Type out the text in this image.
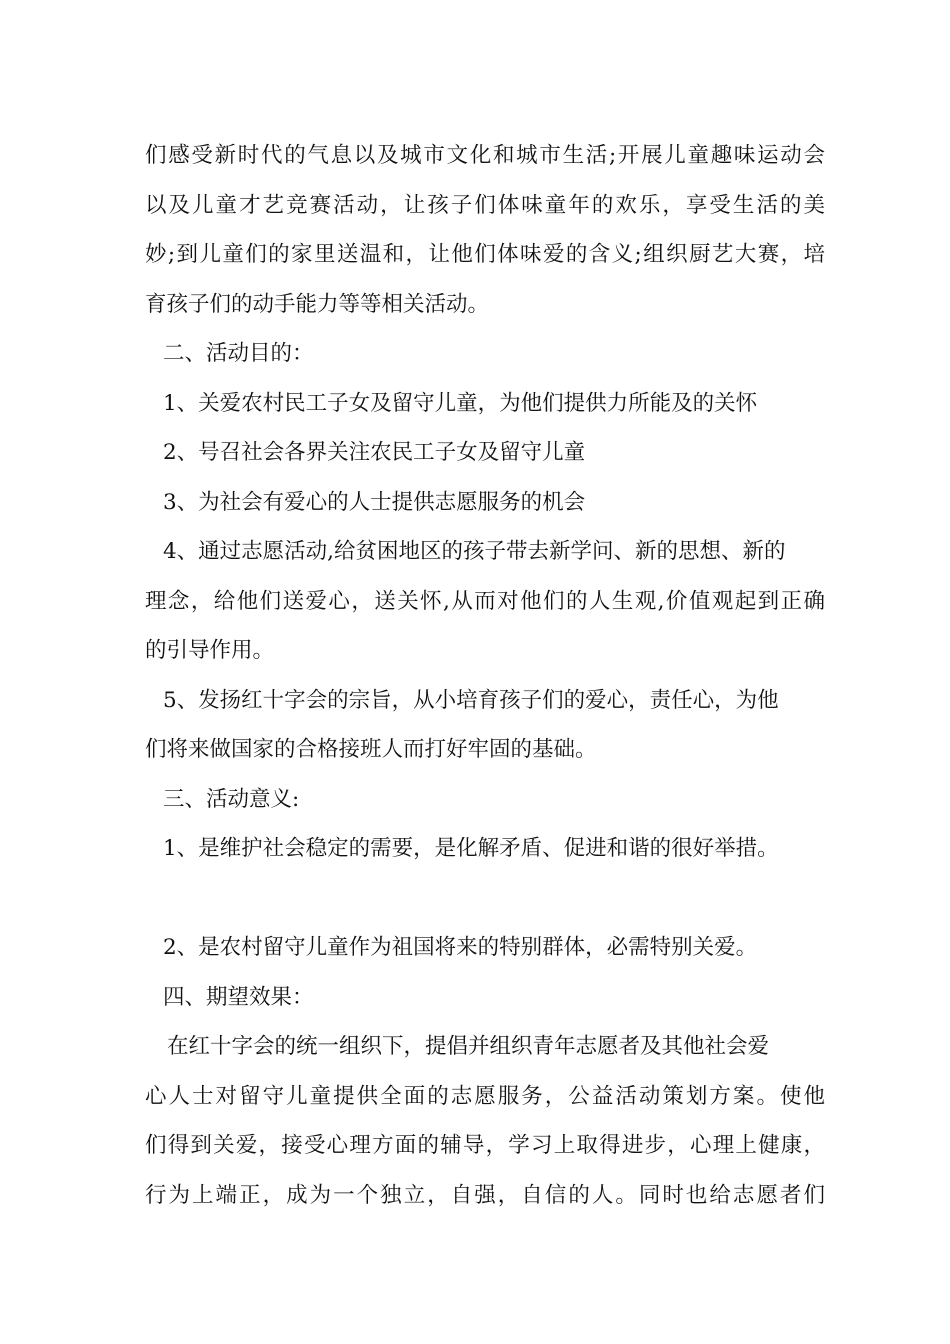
们感受新时代的气息以及城市文化和城市生活;开展儿童趣味运动会
以及儿童才艺竞赛活动，让孩子们体味童年的欢乐，享受生活的美
妙;到儿童们的家里送温和，让他们体味爱的含义;组织厨艺大赛，培
育孩子们的动手能力等等相关活动。
二、活动目的：
1、关爱农村民工子女及留守儿童，为他们提供力所能及的关怀
2、号召社会各界关注农民工子女及留守儿童
3、为社会有爱心的人士提供志愿服务的机会
4、通过志愿活动,给贫困地区的孩子带去新学问、新的思想、新的
理念，给他们送爱心，送关怀,从而对他们的人生观,价值观起到正确
的引导作用。
5、发扬红十字会的宗旨，从小培育孩子们的爱心，责任心，为他
们将来做国家的合格接班人而打好牢固的基础。
三、活动意义:
1、是维护社会稳定的需要，是化解矛盾、促进和谐的很好举措。
2、是农村留守儿童作为祖国将来的特别群体，必需特别关爱。
四、期望效果：
在红十字会的统一组织下，提倡并组织青年志愿者及其他社会爱
心人士对留守儿童提供全面的志愿服务，公益活动策划方案。使他
们得到关爱，接受心理方面的辅导，学习上取得进步，心理上健康，
行为上端正，成为一个独立，自强，自信的人。同时也给志愿者们
